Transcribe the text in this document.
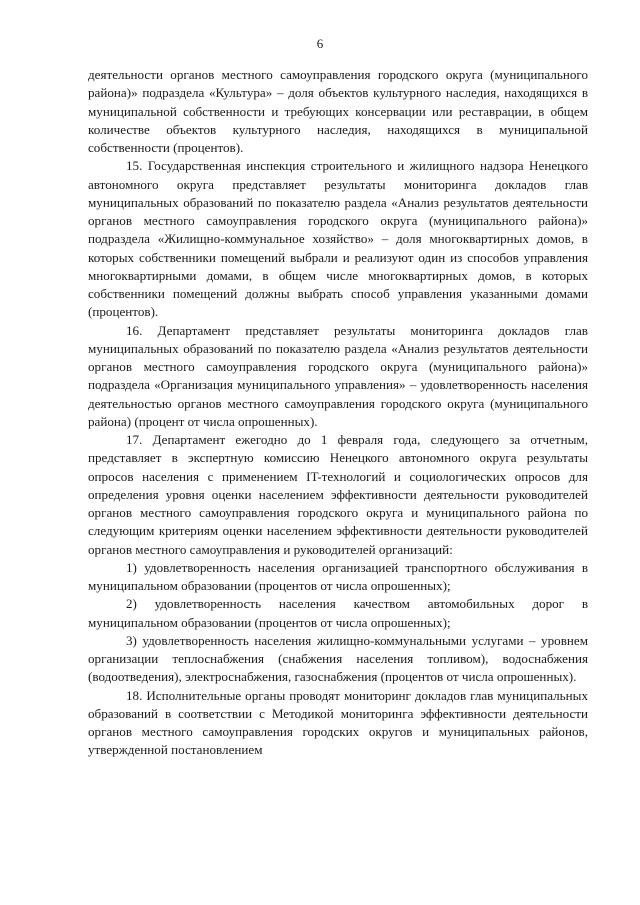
6

деятельности органов местного самоуправления городского округа (муниципального района)» подраздела «Культура» – доля объектов культурного наследия, находящихся в муниципальной собственности и требующих консервации или реставрации, в общем количестве объектов культурного наследия, находящихся в муниципальной собственности (процентов).

15. Государственная инспекция строительного и жилищного надзора Ненецкого автономного округа представляет результаты мониторинга докладов глав муниципальных образований по показателю раздела «Анализ результатов деятельности органов местного самоуправления городского округа (муниципального района)» подраздела «Жилищно-коммунальное хозяйство» – доля многоквартирных домов, в которых собственники помещений выбрали и реализуют один из способов управления многоквартирными домами, в общем числе многоквартирных домов, в которых собственники помещений должны выбрать способ управления указанными домами (процентов).

16. Департамент представляет результаты мониторинга докладов глав муниципальных образований по показателю раздела «Анализ результатов деятельности органов местного самоуправления городского округа (муниципального района)» подраздела «Организация муниципального управления» – удовлетворенность населения деятельностью органов местного самоуправления городского округа (муниципального района) (процент от числа опрошенных).

17. Департамент ежегодно до 1 февраля года, следующего за отчетным, представляет в экспертную комиссию Ненецкого автономного округа результаты опросов населения с применением IT-технологий и социологических опросов для определения уровня оценки населением эффективности деятельности руководителей органов местного самоуправления городского округа и муниципального района по следующим критериям оценки населением эффективности деятельности руководителей органов местного самоуправления и руководителей организаций:

1) удовлетворенность населения организацией транспортного обслуживания в муниципальном образовании (процентов от числа опрошенных);

2) удовлетворенность населения качеством автомобильных дорог в муниципальном образовании (процентов от числа опрошенных);

3) удовлетворенность населения жилищно-коммунальными услугами – уровнем организации теплоснабжения (снабжения населения топливом), водоснабжения (водоотведения), электроснабжения, газоснабжения (процентов от числа опрошенных).

18. Исполнительные органы проводят мониторинг докладов глав муниципальных образований в соответствии с Методикой мониторинга эффективности деятельности органов местного самоуправления городских округов и муниципальных районов, утвержденной постановлением
